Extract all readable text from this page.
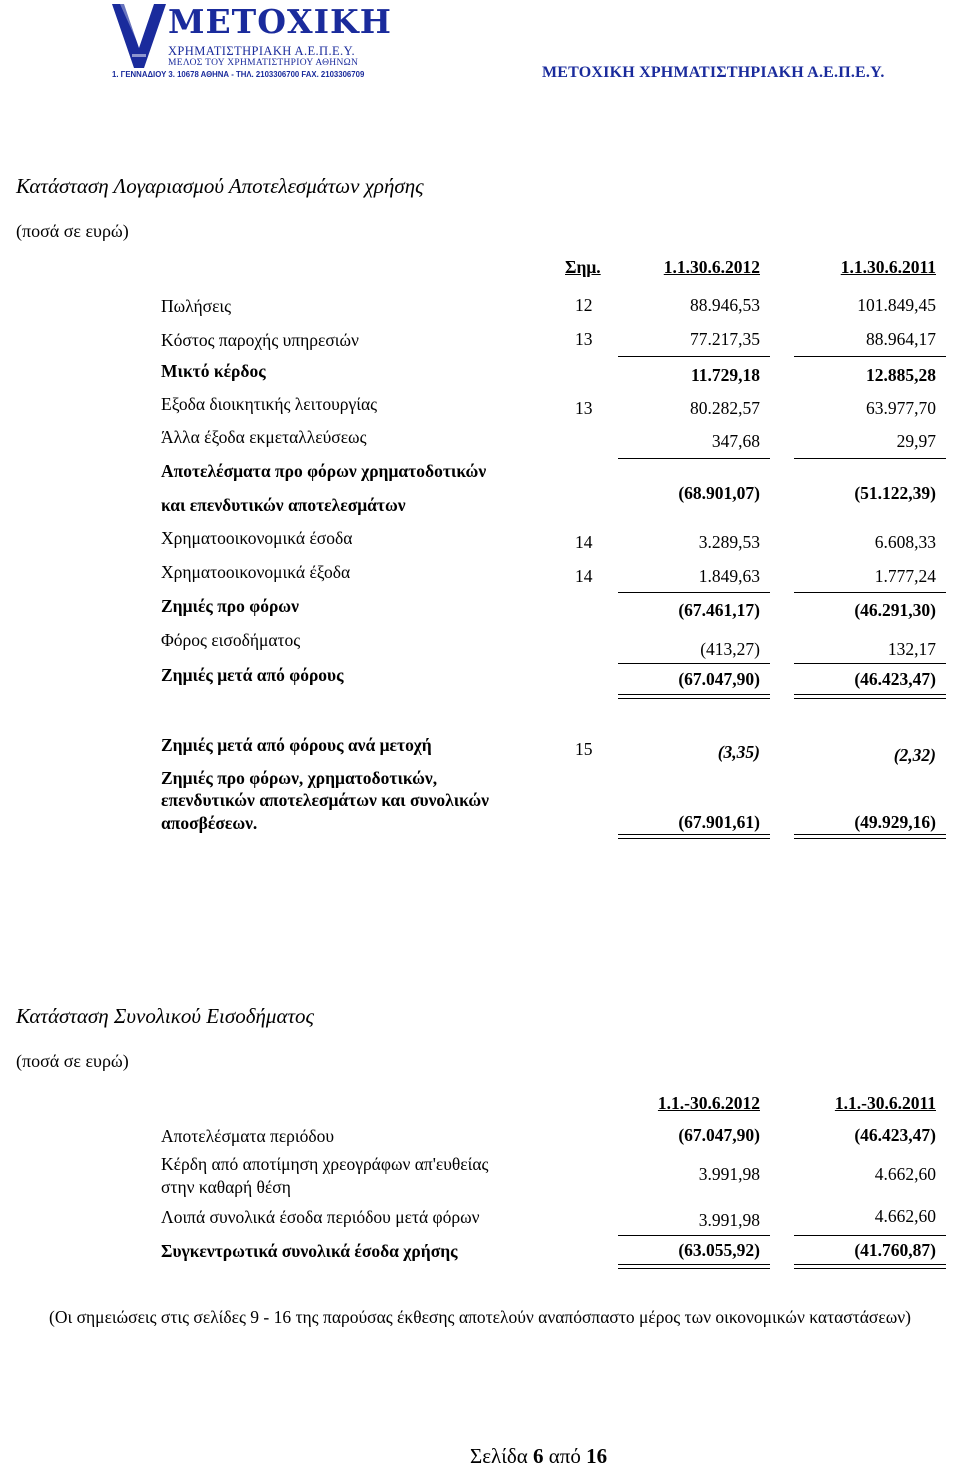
ΜΕΤΟΧΙΚΗ
ΧΡΗΜΑΤΙΣΤΗΡΙΑΚΗ Α.Ε.Π.Ε.Υ.
ΜΕΛΟΣ ΤΟΥ ΧΡΗΜΑΤΙΣΤΗΡΙΟΥ ΑΘΗΝΩΝ
1. ΓΕΝΝΑΔΙΟΥ 3. 10678 ΑΘΗΝΑ - ΤΗΛ. 2103306700 FAX. 2103306709	ΜΕΤΟΧΙΚΗ ΧΡΗΜΑΤΙΣΤΗΡΙΑΚΗ Α.Ε.Π.Ε.Υ.
Κατάσταση Λογαριασμού Αποτελεσμάτων χρήσης
(ποσά σε ευρώ)
Σημ.	1.1.30.6.2012	1.1.30.6.2011
Πωλήσεις	12	88.946,53	101.849,45
Κόστος παροχής υπηρεσιών	13	77.217,35	88.964,17
Μικτό κέρδος	11.729,18	12.885,28
Εξοδα διοικητικής λειτουργίας	13	80.282,57	63.977,70
Άλλα έξοδα εκμεταλλεύσεως	347,68	29,97
Αποτελέσματα προ φόρων χρηματοδοτικών
και επενδυτικών αποτελεσμάτων
(68.901,07)	(51.122,39)
Χρηματοοικονομικά έσοδα	14	3.289,53	6.608,33
Χρηματοοικονομικά έξοδα	14	1.849,63	1.777,24
Ζημιές προ φόρων	(67.461,17)	(46.291,30)
Φόρος εισοδήματος	(413,27)	132,17
Ζημιές μετά από φόρους	(67.047,90)	(46.423,47)
Ζημιές μετά από φόρους ανά μετοχή	15	(3,35)	(2,32)
Ζημιές προ φόρων, χρηματοδοτικών,
επενδυτικών αποτελεσμάτων και συνολικών
αποσβέσεων.	(67.901,61)	(49.929,16)
Κατάσταση Συνολικού Εισοδήματος
(ποσά σε ευρώ)
1.1.-30.6.2012	1.1.-30.6.2011
Αποτελέσματα περιόδου	(67.047,90)	(46.423,47)
Κέρδη από αποτίμηση χρεογράφων απ'ευθείας
στην καθαρή θέση
3.991,98	4.662,60
Λοιπά συνολικά έσοδα περιόδου μετά φόρων	3.991,98	4.662,60
Συγκεντρωτικά συνολικά έσοδα χρήσης	(63.055,92)	(41.760,87)
(Οι σημειώσεις στις σελίδες 9 - 16 της παρούσας έκθεσης αποτελούν αναπόσπαστο μέρος των οικονομικών καταστάσεων)
Σελίδα 6 από 16
